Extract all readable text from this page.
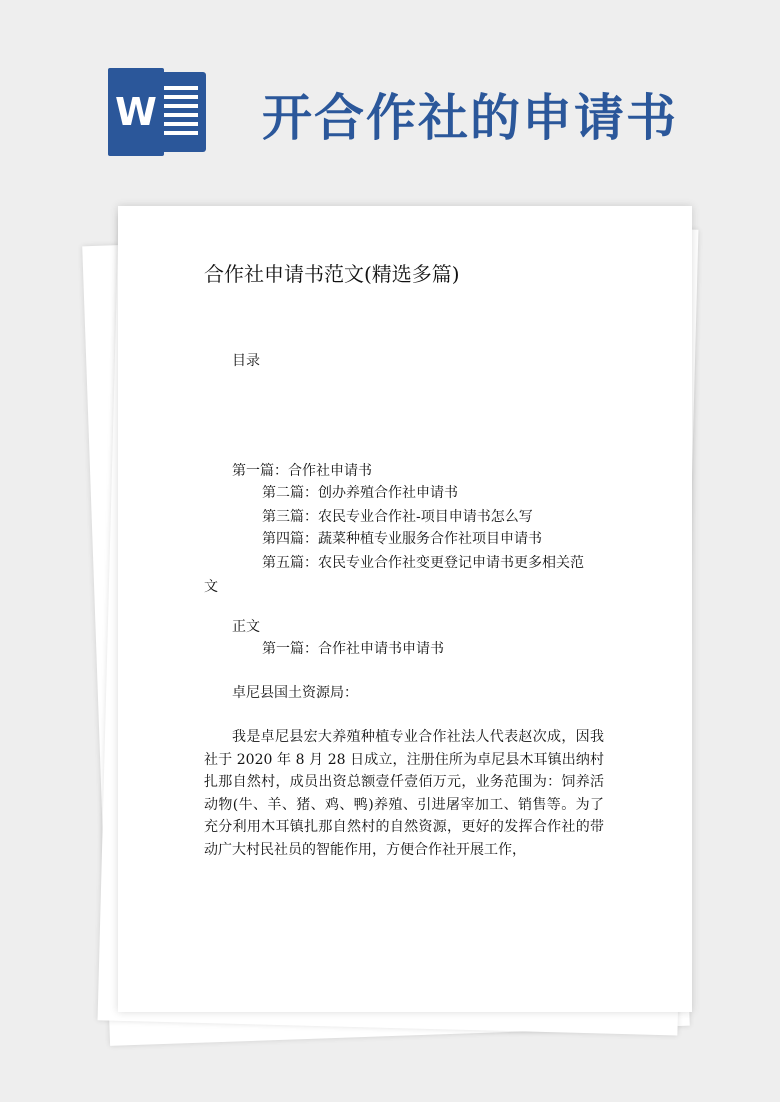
W 开合作社的申请书
合作社申请书范文(精选多篇)
目录
第一篇：合作社申请书
第二篇：创办养殖合作社申请书
第三篇：农民专业合作社-项目申请书怎么写
第四篇：蔬菜种植专业服务合作社项目申请书
第五篇：农民专业合作社变更登记申请书更多相关范
文
正文
第一篇：合作社申请书申请书
卓尼县国土资源局：
我是卓尼县宏大养殖种植专业合作社法人代表赵次成，因我社于 2020 年 8 月 28 日成立，注册住所为卓尼县木耳镇出纳村扎那自然村，成员出资总额壹仟壹佰万元，业务范围为：饲养活动物(牛、羊、猪、鸡、鸭)养殖、引进屠宰加工、销售等。为了充分利用木耳镇扎那自然村的自然资源，更好的发挥合作社的带动广大村民社员的智能作用，方便合作社开展工作，
